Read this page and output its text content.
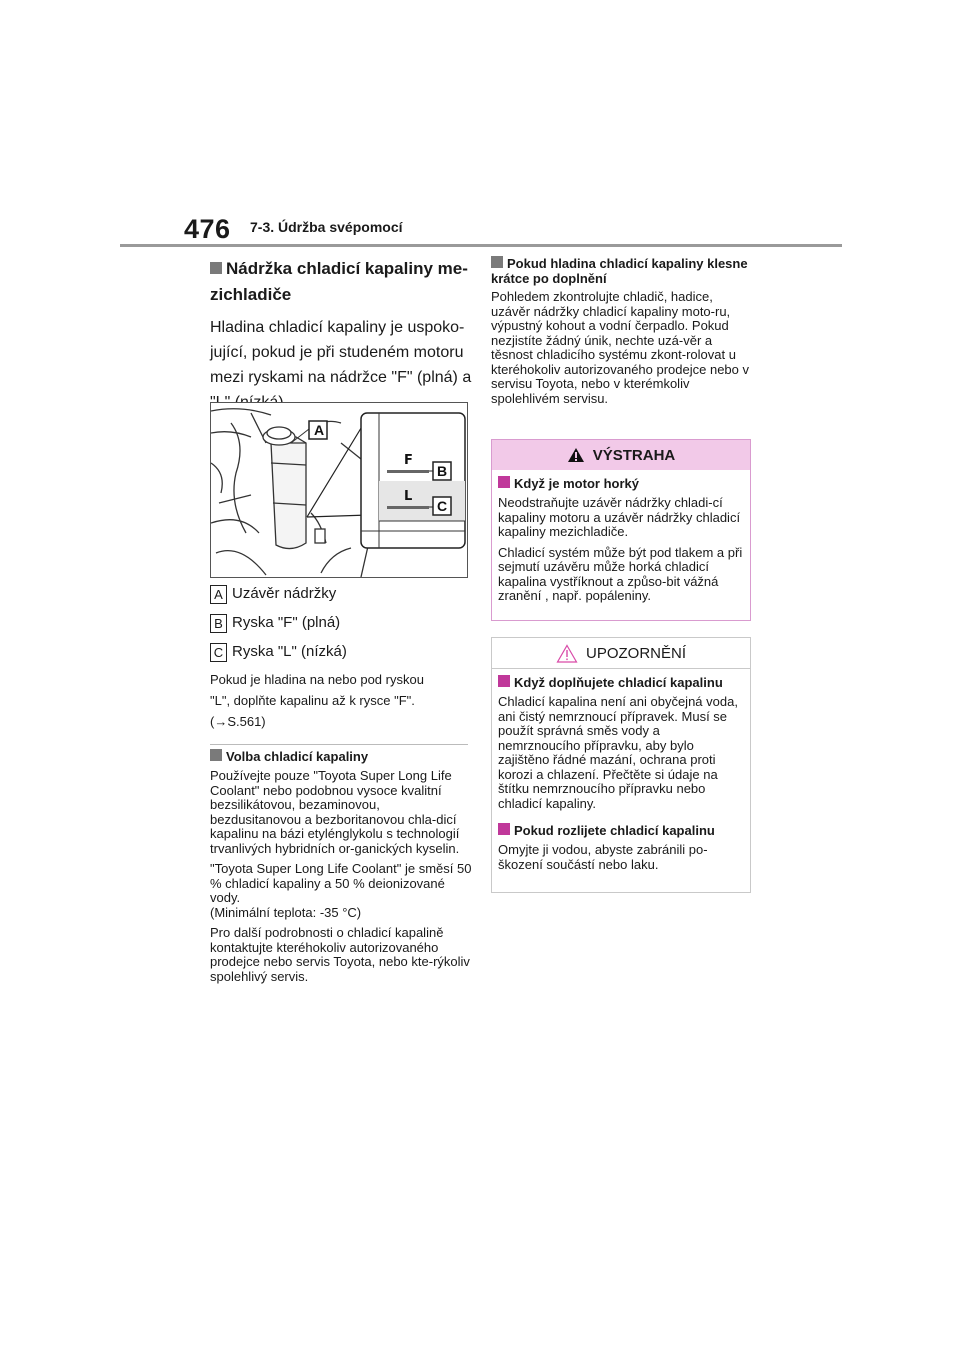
476 7-3. Údržba svépomocí
Nádržka chladicí kapaliny me-zichladiče
Hladina chladicí kapaliny je uspoko-jující, pokud je při studeném motoru mezi ryskami na nádržce "F" (plná) a
A
F
L
B
C
A Uzávěr nádržky
B Ryska "F" (plná)
C Ryska "L" (nízká)
Pokud je hladina na nebo pod ryskou
"L", doplňte kapalinu až k rysce "F".
(→S.561)
Volba chladicí kapaliny

Používejte pouze "Toyota Super Long Life Coolant" nebo podobnou vysoce kvalitní bezsilikátovou, bezaminovou, bezdusitanovou a bezboritanovou chla-dicí kapalinu na bázi etylénglykolu s technologií trvanlivých hybridních or-ganických kyselin.

"Toyota Super Long Life Coolant" je směsí 50 % chladicí kapaliny a 50 % deionizované vody.

(Minimální teplota: -35 °C)

Pro další podrobnosti o chladicí kapalině kontaktujte kteréhokoliv autorizovaného prodejce nebo servis Toyota, nebo kte-rýkoliv spolehlivý servis.

Pokud hladina chladicí kapaliny klesne krátce po doplnění

Pohledem zkontrolujte chladič, hadice, uzávěr nádržky chladicí kapaliny moto-ru, výpustný kohout a vodní čerpadlo. Pokud nezjistíte žádný únik, nechte uzá-věr a těsnost chladicího systému zkont-rolovat u kteréhokoliv autorizovaného prodejce nebo v servisu Toyota, nebo v kterémkoliv spolehlivém servisu.

VÝSTRAHA
Když je motor horký

Neodstraňujte uzávěr nádržky chladi-cí kapaliny motoru a uzávěr nádržky chladicí kapaliny mezichladiče.

Chladicí systém může být pod tlakem a při sejmutí uzávěru může horká chladicí kapalina vystříknout a způso-bit vážná zranění , např. popáleniny.

UPOZORNĚNÍ
Když doplňujete chladicí kapalinu

Chladicí kapalina není ani obyčejná voda, ani čistý nemrznoucí přípravek. Musí se použít správná směs vody a nemrznoucího přípravku, aby bylo zajištěno řádné mazání, ochrana proti korozi a chlazení. Přečtěte si údaje na štítku nemrznoucího přípravku nebo chladicí kapaliny.

Pokud rozlijete chladicí kapalinu

Omyjte ji vodou, abyste zabránili po-škození součástí nebo laku.
